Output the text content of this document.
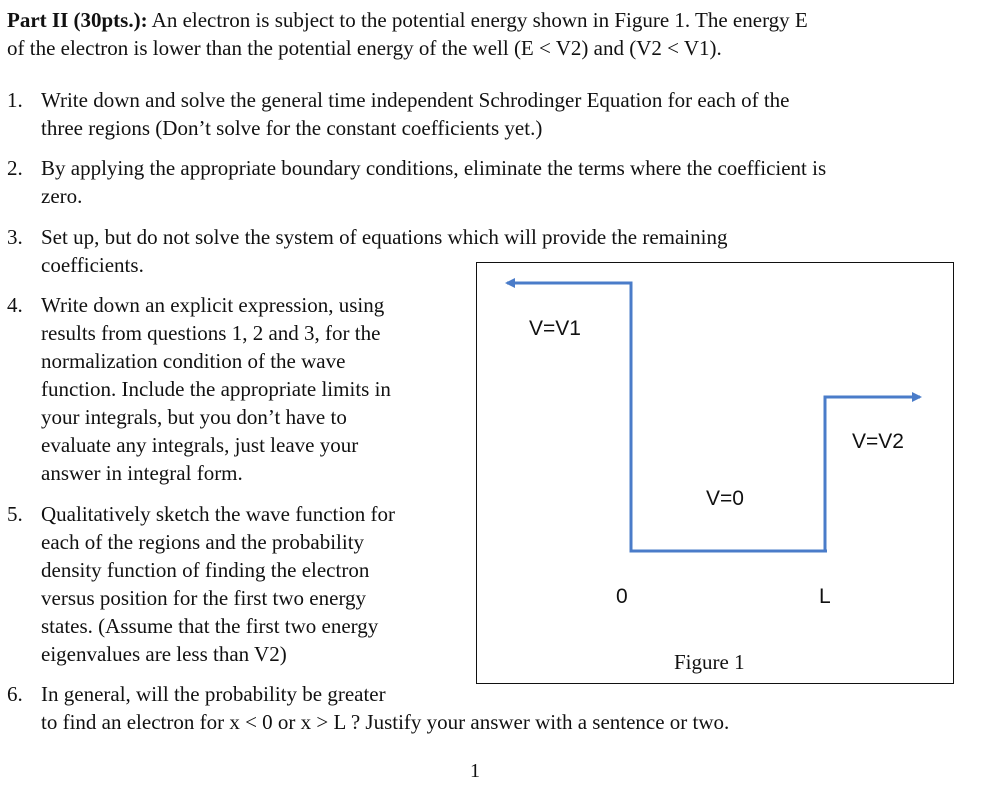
Part II (30pts.): An electron is subject to the potential energy shown in Figure 1. The energy E
of the electron is lower than the potential energy of the well (E < V2) and (V2 < V1).
1. Write down and solve the general time independent Schrodinger Equation for each of the
three regions (Don’t solve for the constant coefficients yet.)
2. By applying the appropriate boundary conditions, eliminate the terms where the coefficient is
zero.
3. Set up, but do not solve the system of equations which will provide the remaining
coefficients.
4. Write down an explicit expression, using
results from questions 1, 2 and 3, for the
normalization condition of the wave
function. Include the appropriate limits in
your integrals, but you don’t have to
evaluate any integrals, just leave your
answer in integral form.
5. Qualitatively sketch the wave function for
each of the regions and the probability
density function of finding the electron
versus position for the first two energy
states. (Assume that the first two energy
eigenvalues are less than V2)
6. In general, will the probability be greater
to find an electron for x < 0 or x > L ? Justify your answer with a sentence or two.
V=V1
V=0
V=V2
0	L
Figure 1
1
